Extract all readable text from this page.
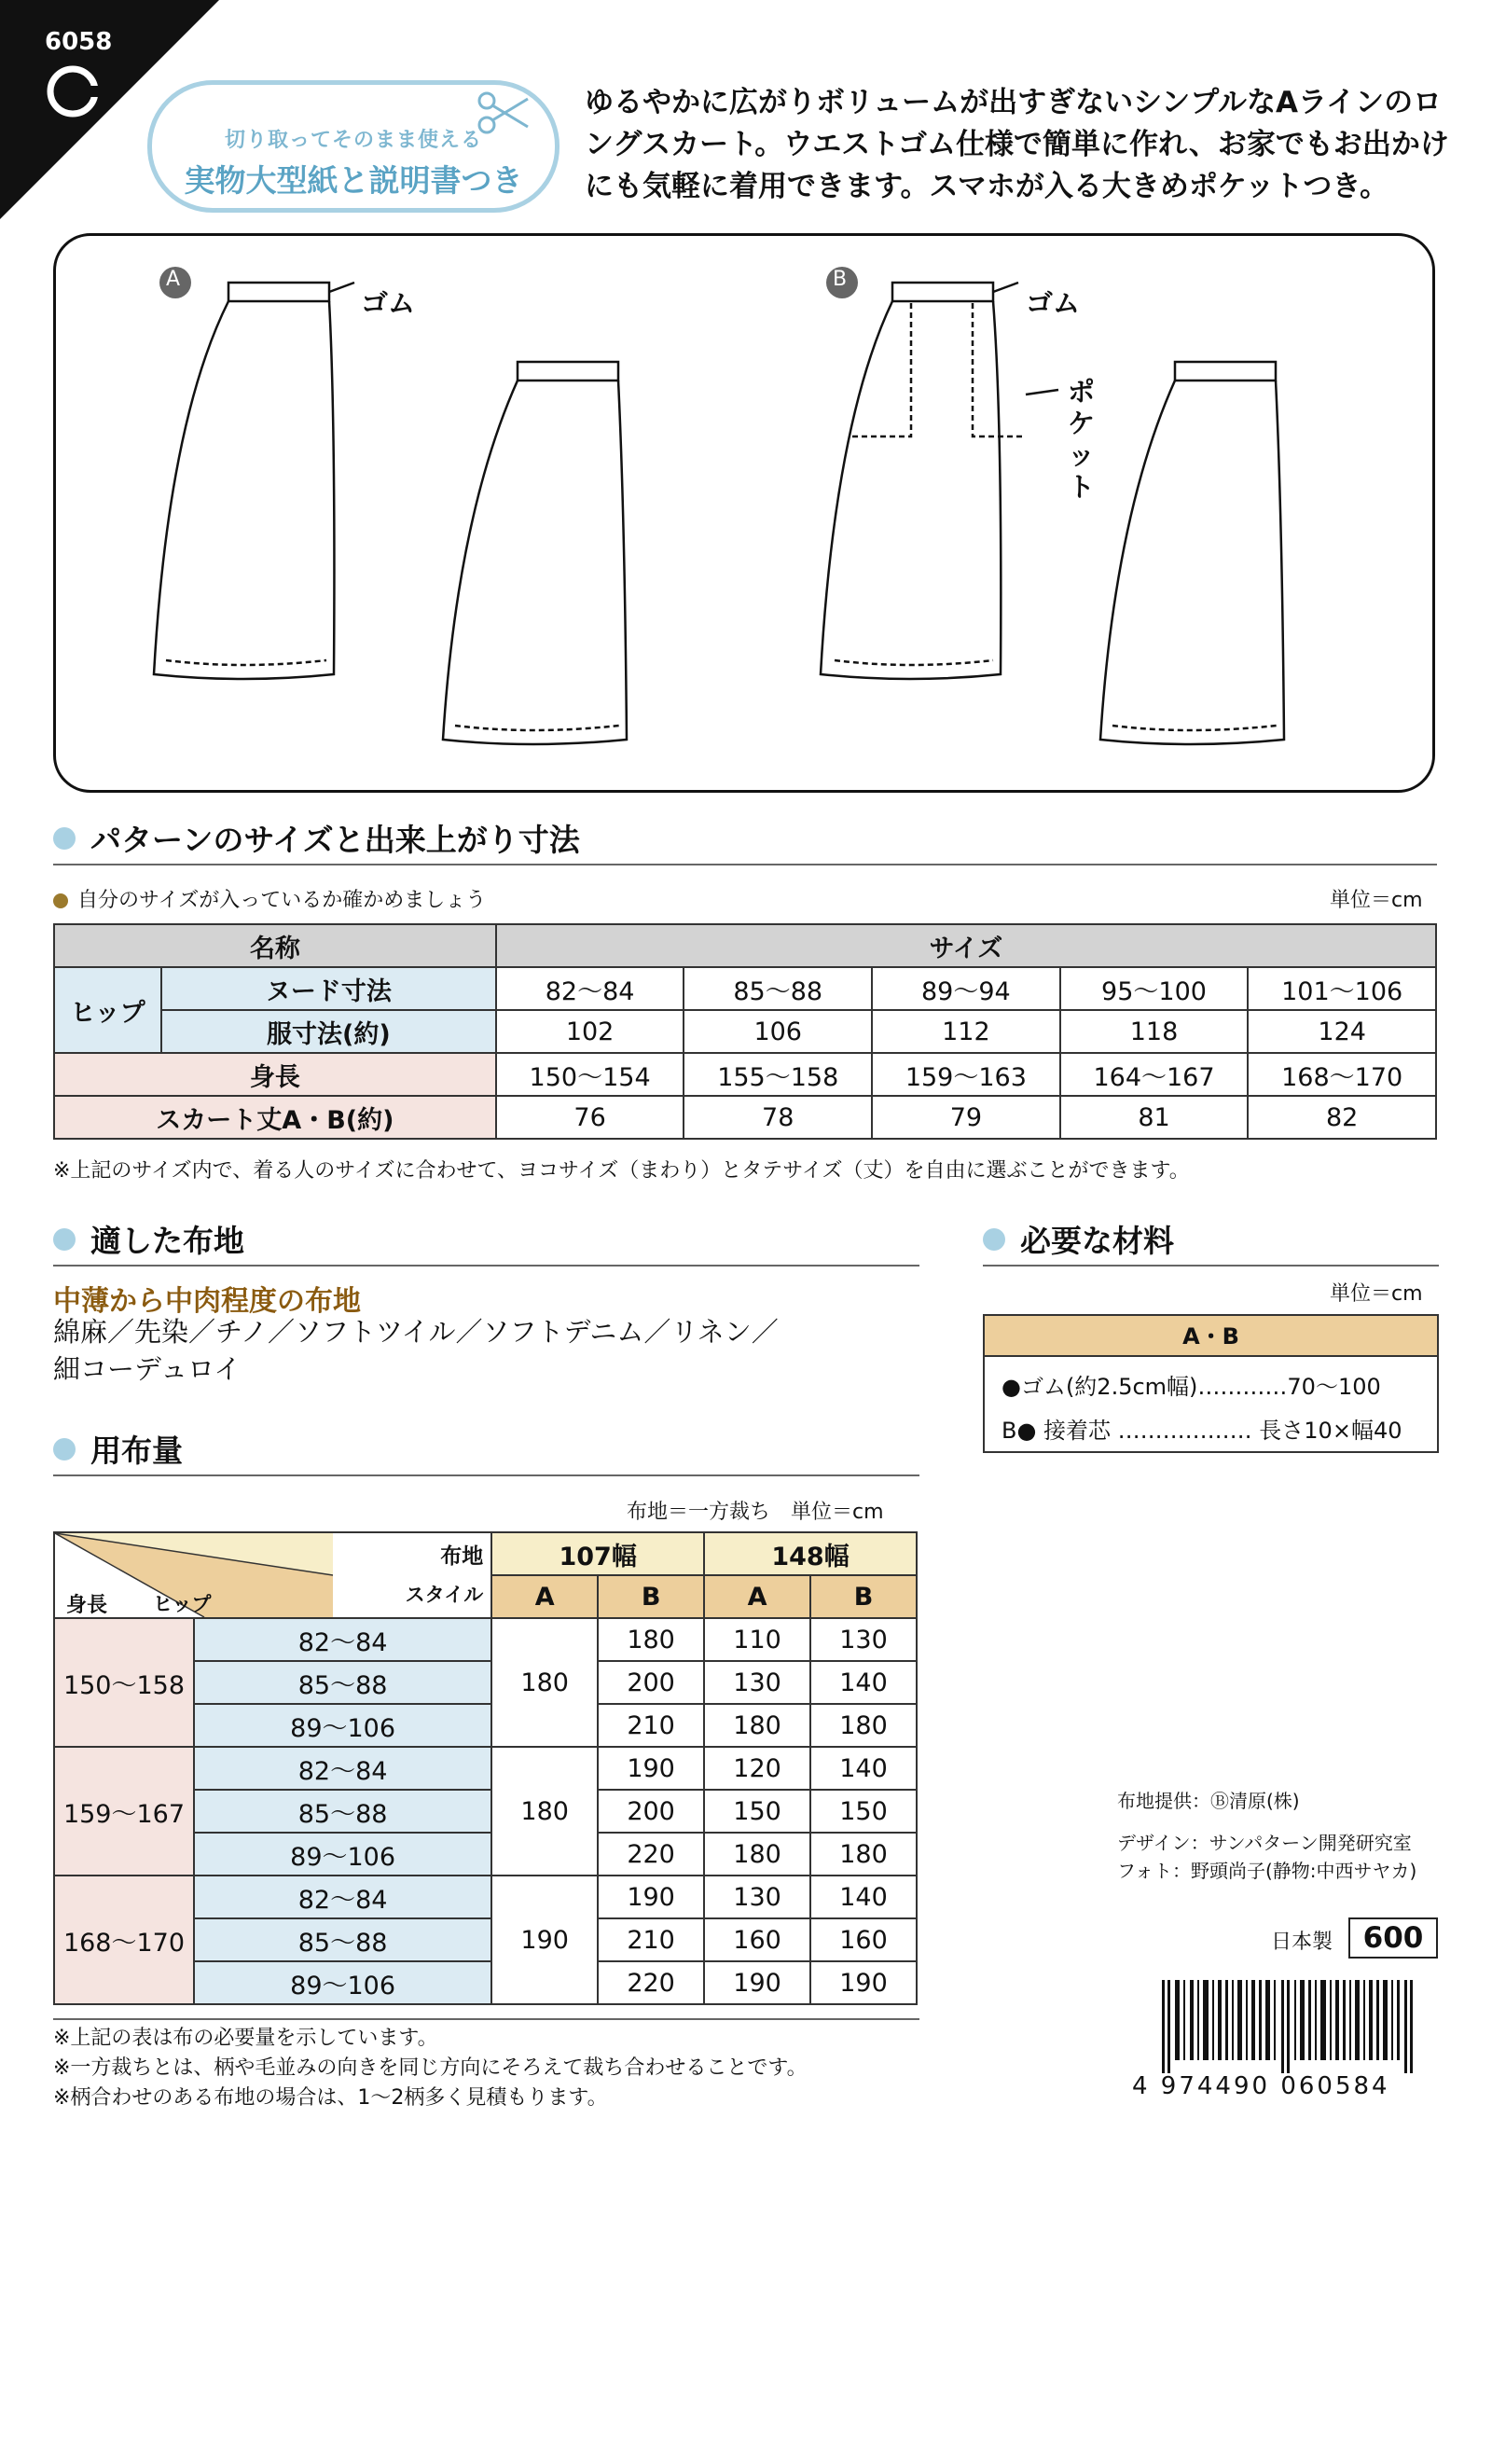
6058
切り取ってそのまま使える
実物大型紙と説明書つき
ゆるやかに広がりボリュームが出すぎないシンプルなAラインのロングスカート。ウエストゴム仕様で簡単に作れ、お家でもお出かけにも気軽に着用できます。スマホが入る大きめポケットつき。
A	B
ゴム	ゴム
ポケット
パターンのサイズと出来上がり寸法
自分のサイズが入っているか確かめましょう	単位＝cm
名称		サイズ				
ヒップ	ヌード寸法	82〜84	85〜88	89〜94	95〜100	101〜106
	服寸法(約)	102	106	112	118	124
身長		150〜154	155〜158	159〜163	164〜167	168〜170
スカート丈A・B(約)		76	78	79	81	82
※上記のサイズ内で、着る人のサイズに合わせて、ヨコサイズ（まわり）とタテサイズ（丈）を自由に選ぶことができます。
適した布地
中薄から中肉程度の布地
綿麻／先染／チノ／ソフトツイル／ソフトデニム／リネン／
細コーデュロイ
必要な材料
単位＝cm
A・B
●ゴム(約2.5cm幅)…………70〜100
B● 接着芯 ……………… 長さ10×幅40
用布量
布地＝一方裁ち　単位＝cm
布地
スタイル
身長 ヒップ		107幅		148幅	
		A	B	A	B
150〜158	82〜84	180	180	110	130
	85〜88		200	130	140
	89〜106		210	180	180
159〜167	82〜84	180	190	120	140
	85〜88		200	150	150
	89〜106		220	180	180
168〜170	82〜84	190	190	130	140
	85〜88		210	160	160
	89〜106		220	190	190
※上記の表は布の必要量を示しています。
※一方裁ちとは、柄や毛並みの向きを同じ方向にそろえて裁ち合わせることです。
※柄合わせのある布地の場合は、1〜2柄多く見積もります。
布地提供：Ⓑ清原(株)
デザイン：サンパターン開発研究室
フォト：野頭尚子(静物:中西サヤカ)
日本製	600
4 974490 060584
